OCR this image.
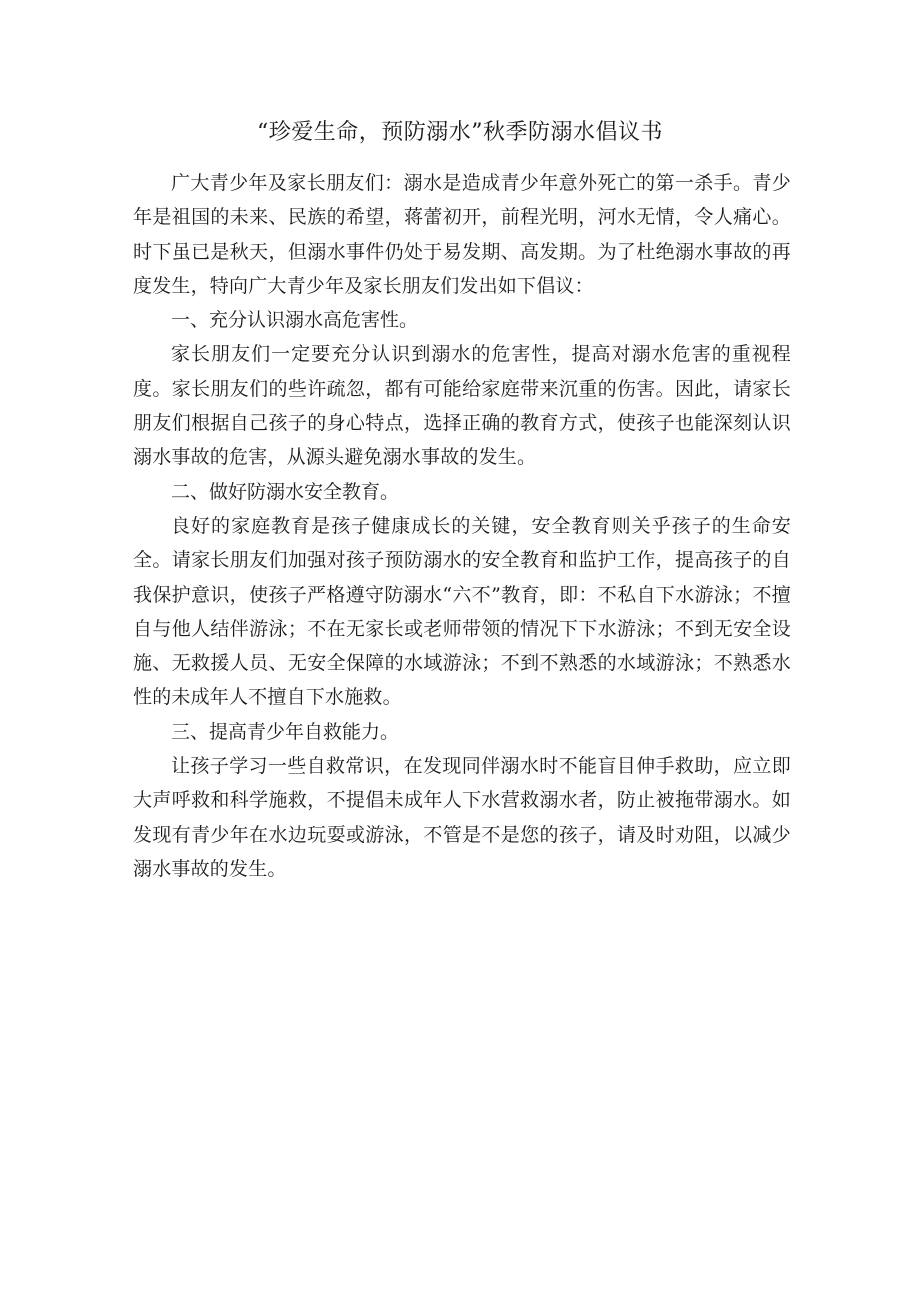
“珍爱生命，预防溺水”秋季防溺水倡议书

广大青少年及家长朋友们：溺水是造成青少年意外死亡的第一杀手。青少年是祖国的未来、民族的希望，蒋蕾初开，前程光明，河水无情，令人痛心。时下虽已是秋天，但溺水事件仍处于易发期、高发期。为了杜绝溺水事故的再度发生，特向广大青少年及家长朋友们发出如下倡议：

一、充分认识溺水高危害性。

家长朋友们一定要充分认识到溺水的危害性，提高对溺水危害的重视程度。家长朋友们的些许疏忽，都有可能给家庭带来沉重的伤害。因此，请家长朋友们根据自己孩子的身心特点，选择正确的教育方式，使孩子也能深刻认识溺水事故的危害，从源头避免溺水事故的发生。

二、做好防溺水安全教育。

良好的家庭教育是孩子健康成长的关键，安全教育则关乎孩子的生命安全。请家长朋友们加强对孩子预防溺水的安全教育和监护工作，提高孩子的自我保护意识，使孩子严格遵守防溺水“六不”教育，即：不私自下水游泳；不擅自与他人结伴游泳；不在无家长或老师带领的情况下下水游泳；不到无安全设施、无救援人员、无安全保障的水域游泳；不到不熟悉的水域游泳；不熟悉水性的未成年人不擅自下水施救。

三、提高青少年自救能力。

让孩子学习一些自救常识，在发现同伴溺水时不能盲目伸手救助，应立即大声呼救和科学施救，不提倡未成年人下水营救溺水者，防止被拖带溺水。如发现有青少年在水边玩耍或游泳，不管是不是您的孩子，请及时劝阻，以减少溺水事故的发生。
